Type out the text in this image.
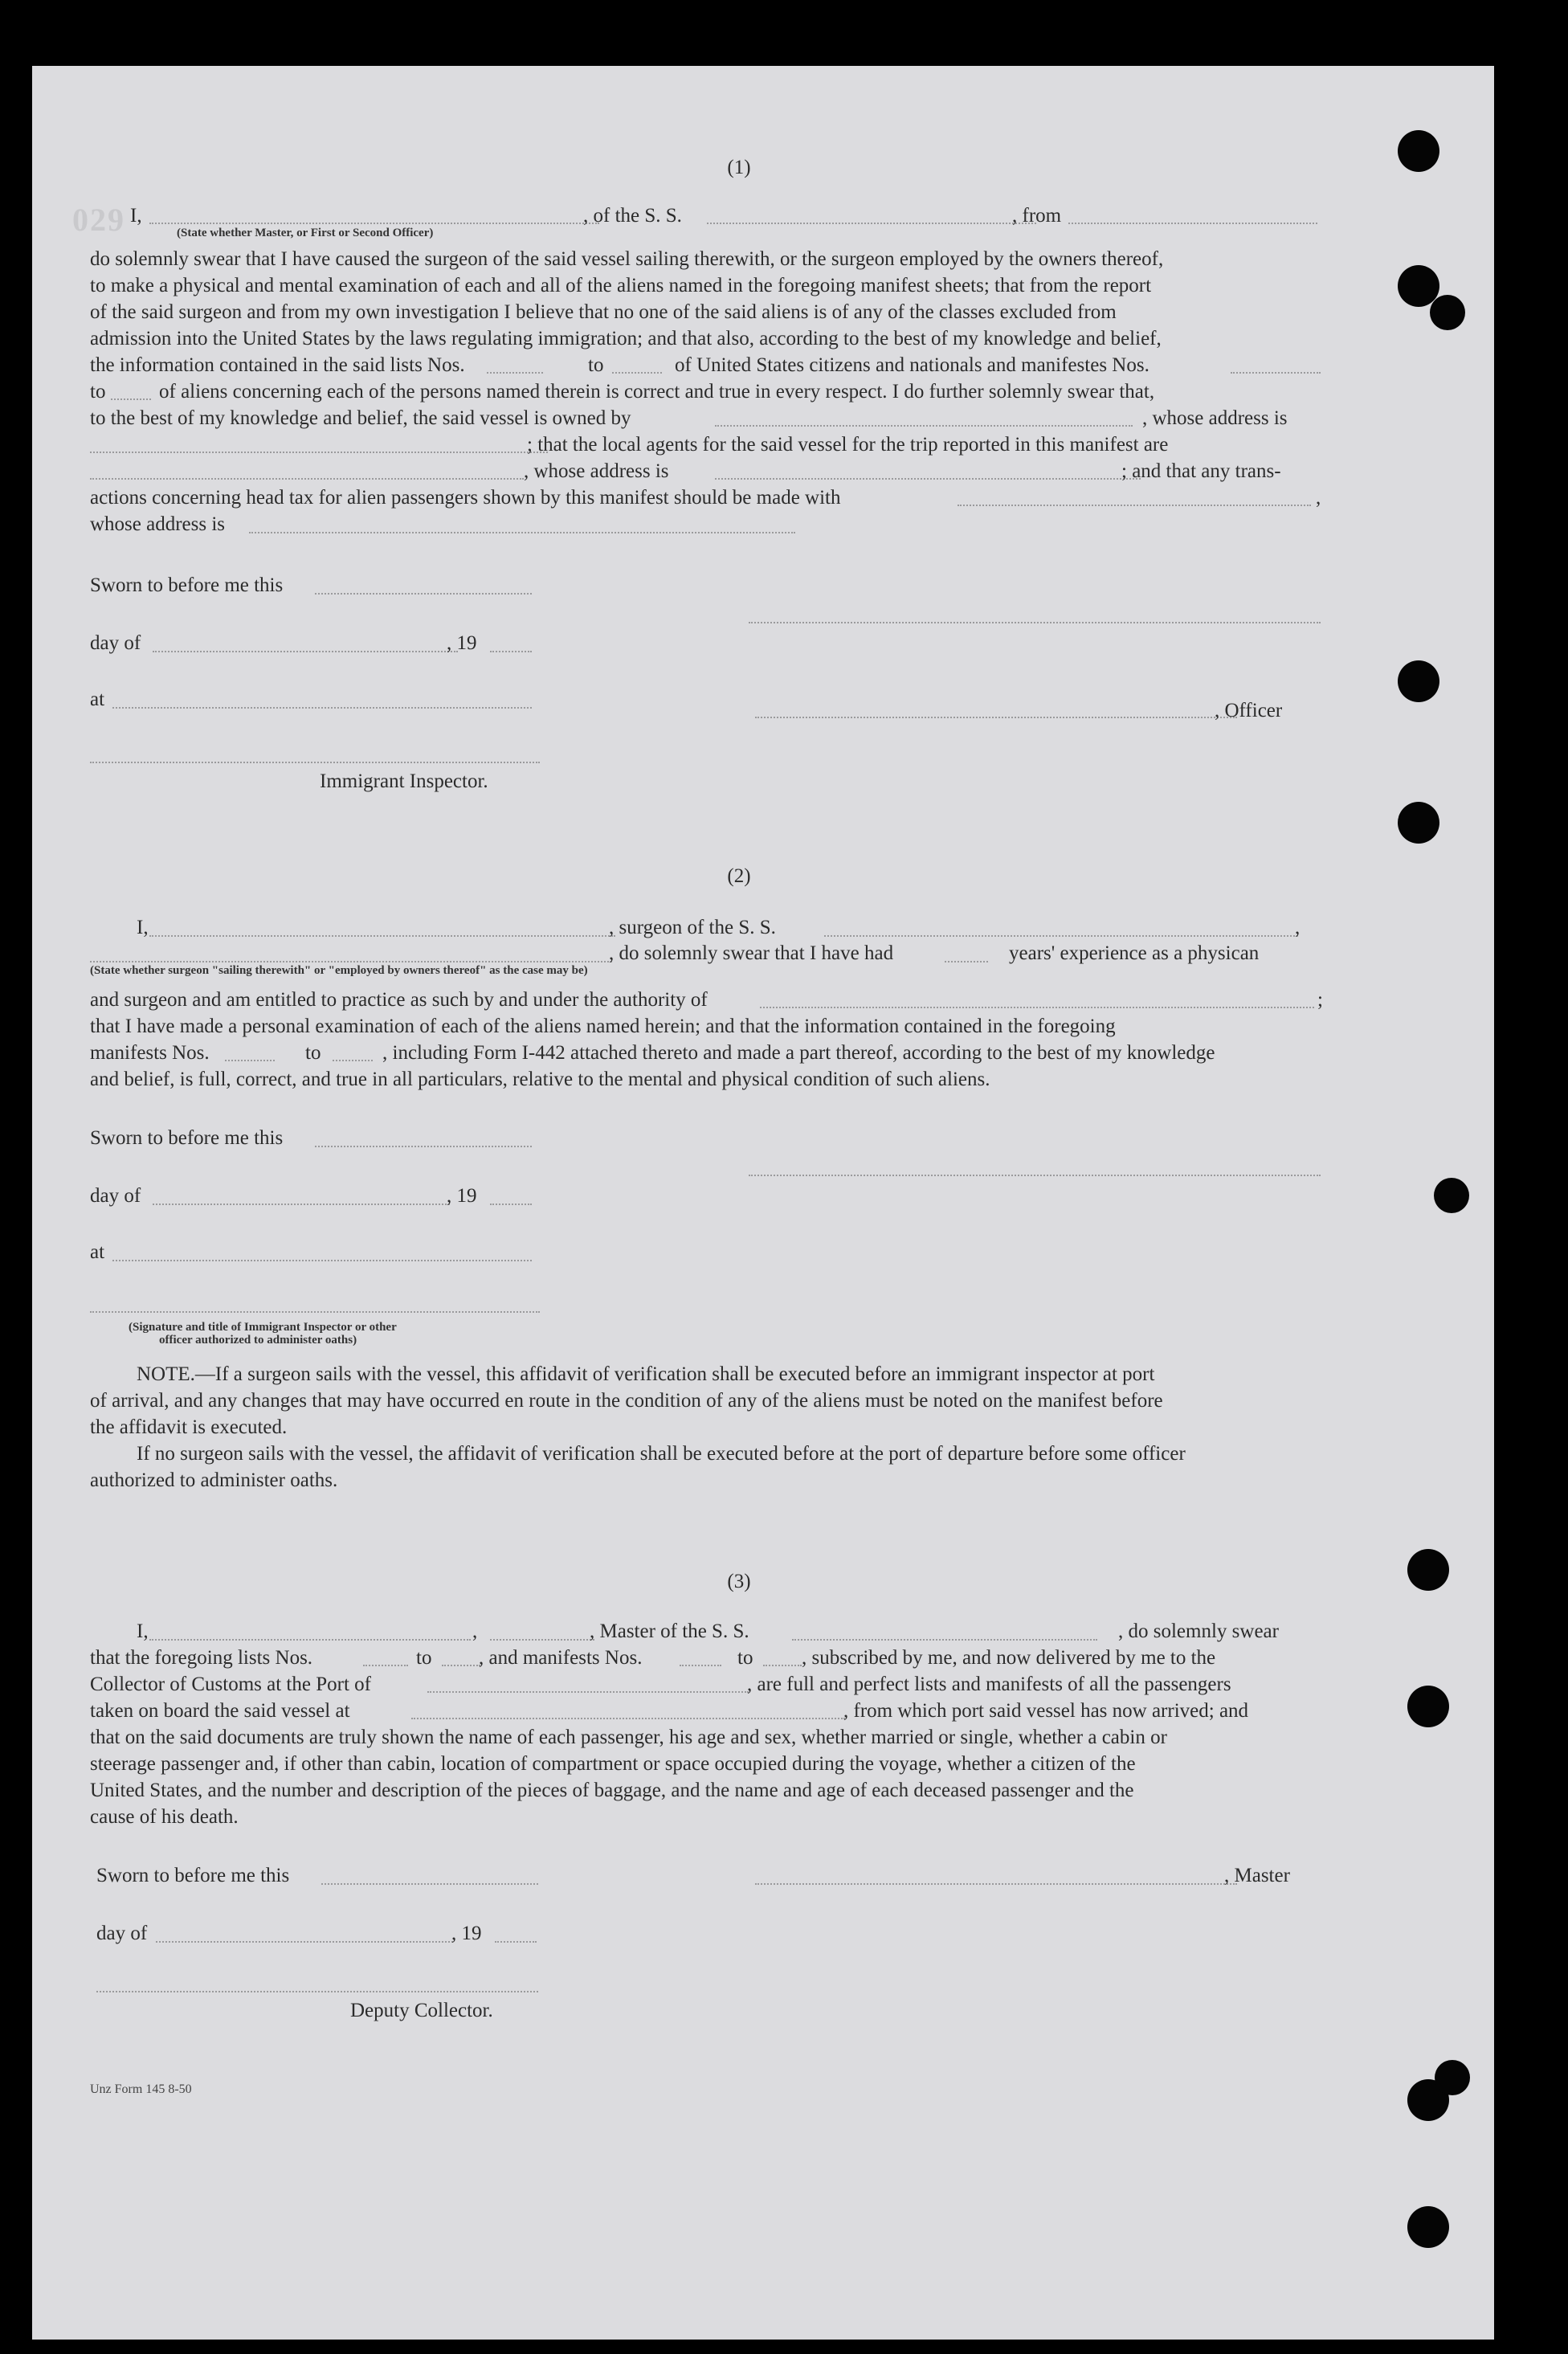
029
(1)
I,	, of the S. S.	, from
(State whether Master, or First or Second Officer)
do solemnly swear that I have caused the surgeon of the said vessel sailing therewith, or the surgeon employed by the owners thereof,
to make a physical and mental examination of each and all of the aliens named in the foregoing manifest sheets; that from the report
of the said surgeon and from my own investigation I believe that no one of the said aliens is of any of the classes excluded from
admission into the United States by the laws regulating immigration; and that also, according to the best of my knowledge and belief,
the information contained in the said lists Nos.	to	of United States citizens and nationals and manifestes Nos.
to	of aliens concerning each of the persons named therein is correct and true in every respect. I do further solemnly swear that,
to the best of my knowledge and belief, the said vessel is owned by	, whose address is
; that the local agents for the said vessel for the trip reported in this manifest are
, whose address is	; and that any trans-
actions concerning head tax for alien passengers shown by this manifest should be made with	,
whose address is
Sworn to before me this
day of	, 19
at
, Officer
Immigrant Inspector.
(2)
I,	, surgeon of the S. S.	,
, do solemnly swear that I have had	years' experience as a physican
(State whether surgeon "sailing therewith" or "employed by owners thereof" as the case may be)
and surgeon and am entitled to practice as such by and under the authority of	;
that I have made a personal examination of each of the aliens named herein; and that the information contained in the foregoing
manifests Nos.	to	, including Form I-442 attached thereto and made a part thereof, according to the best of my knowledge
and belief, is full, correct, and true in all particulars, relative to the mental and physical condition of such aliens.
Sworn to before me this
day of	, 19
at
(Signature and title of Immigrant Inspector or other
officer authorized to administer oaths)
NOTE.—If a surgeon sails with the vessel, this affidavit of verification shall be executed before an immigrant inspector at port
of arrival, and any changes that may have occurred en route in the condition of any of the aliens must be noted on the manifest before
the affidavit is executed.
If no surgeon sails with the vessel, the affidavit of verification shall be executed before at the port of departure before some officer
authorized to administer oaths.
(3)
I,	,	, Master of the S. S.	, do solemnly swear
that the foregoing lists Nos.	to , and manifests Nos.	to , subscribed by me, and now delivered by me to the
Collector of Customs at the Port of	, are full and perfect lists and manifests of all the passengers
taken on board the said vessel at	, from which port said vessel has now arrived; and
that on the said documents are truly shown the name of each passenger, his age and sex, whether married or single, whether a cabin or
steerage passenger and, if other than cabin, location of compartment or space occupied during the voyage, whether a citizen of the
United States, and the number and description of the pieces of baggage, and the name and age of each deceased passenger and the
cause of his death.
Sworn to before me this	, Master
day of	, 19
Deputy Collector.
Unz Form 145 8-50
